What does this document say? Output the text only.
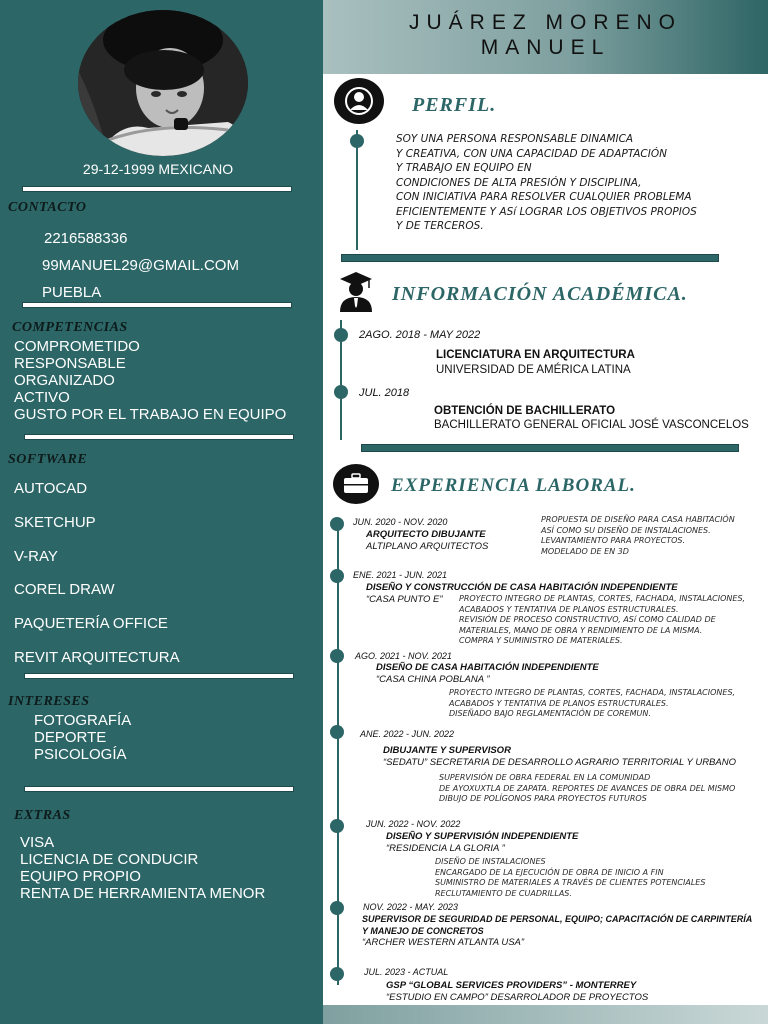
29-12-1999 MEXICANO
CONTACTO
2216588336
99MANUEL29@GMAIL.COM
PUEBLA
COMPETENCIAS
COMPROMETIDO
RESPONSABLE
ORGANIZADO
ACTIVO
GUSTO POR EL TRABAJO EN EQUIPO
SOFTWARE
AUTOCAD
SKETCHUP
V-RAY
COREL DRAW
PAQUETERÍA OFFICE
REVIT ARQUITECTURA
INTERESES
FOTOGRAFÍA
DEPORTE
PSICOLOGÍA
EXTRAS
VISA
LICENCIA DE CONDUCIR
EQUIPO PROPIO
RENTA DE HERRAMIENTA MENOR
JUÁREZ MORENO
MANUEL
PERFIL.
SOY UNA PERSONA RESPONSABLE DINAMICA
Y CREATIVA, CON UNA CAPACIDAD DE ADAPTACIÓN
Y TRABAJO EN EQUIPO EN
CONDICIONES DE ALTA PRESIÓN Y DISCIPLINA,
CON INICIATIVA PARA RESOLVER CUALQUIER PROBLEMA
EFICIENTEMENTE Y ASí LOGRAR LOS OBJETIVOS PROPIOS
Y DE TERCEROS.
INFORMACIÓN ACADÉMICA.
2AGO. 2018 - MAY 2022
LICENCIATURA EN ARQUITECTURA
UNIVERSIDAD DE AMÉRICA LATINA
JUL. 2018
OBTENCIÓN DE BACHILLERATO
BACHILLERATO GENERAL OFICIAL JOSÉ VASCONCELOS
EXPERIENCIA LABORAL.
JUN. 2020 - NOV. 2020
ARQUITECTO DIBUJANTE
ALTIPLANO ARQUITECTOS
PROPUESTA DE DISEÑO PARA CASA HABITACIÓN
ASÍ COMO SU DISEÑO DE INSTALACIONES.
LEVANTAMIENTO PARA PROYECTOS.
MODELADO DE EN 3D
ENE. 2021 - JUN. 2021
DISEÑO Y CONSTRUCCIÓN DE CASA HABITACIÓN INDEPENDIENTE
“CASA PUNTO E” PROYECTO INTEGRO DE PLANTAS, CORTES, FACHADA, INSTALACIONES,
ACABADOS Y TENTATIVA DE PLANOS ESTRUCTURALES.
REVISIÓN DE PROCESO CONSTRUCTIVO, ASí COMO CALIDAD DE
MATERIALES, MANO DE OBRA Y RENDIMIENTO DE LA MISMA.
COMPRA Y SUMINISTRO DE MATERIALES.
AGO. 2021 - NOV. 2021
DISEÑO DE CASA HABITACIÓN INDEPENDIENTE
“CASA CHINA POBLANA ”
PROYECTO INTEGRO DE PLANTAS, CORTES, FACHADA, INSTALACIONES,
ACABADOS Y TENTATIVA DE PLANOS ESTRUCTURALES.
DISEÑADO BAJO REGLAMENTACIÓN DE COREMUN.
ANE. 2022 - JUN. 2022
DIBUJANTE Y SUPERVISOR
“SEDATU” SECRETARIA DE DESARROLLO AGRARIO TERRITORIAL Y URBANO
SUPERVISIÓN DE OBRA FEDERAL EN LA COMUNIDAD
DE AYOXUXTLA DE ZAPATA. REPORTES DE AVANCES DE OBRA DEL MISMO
DIBUJO DE POLÍGONOS PARA PROYECTOS FUTUROS
JUN. 2022 - NOV. 2022
DISEÑO Y SUPERVISIÓN INDEPENDIENTE
“RESIDENCIA LA GLORIA ”
DISEÑO DE INSTALACIONES
ENCARGADO DE LA EJECUCIÓN DE OBRA DE INICIO A FIN
SUMINISTRO DE MATERIALES A TRAVÉS DE CLIENTES POTENCIALES
RECLUTAMIENTO DE CUADRILLAS.
NOV. 2022 - MAY. 2023
SUPERVISOR DE SEGURIDAD DE PERSONAL, EQUIPO; CAPACITACIÓN DE CARPINTERÍA
Y MANEJO DE CONCRETOS
“ARCHER WESTERN ATLANTA USA”
JUL. 2023 - ACTUAL
GSP “GLOBAL SERVICES PROVIDERS” - MONTERREY
“ESTUDIO EN CAMPO” DESARROLADOR DE PROYECTOS
